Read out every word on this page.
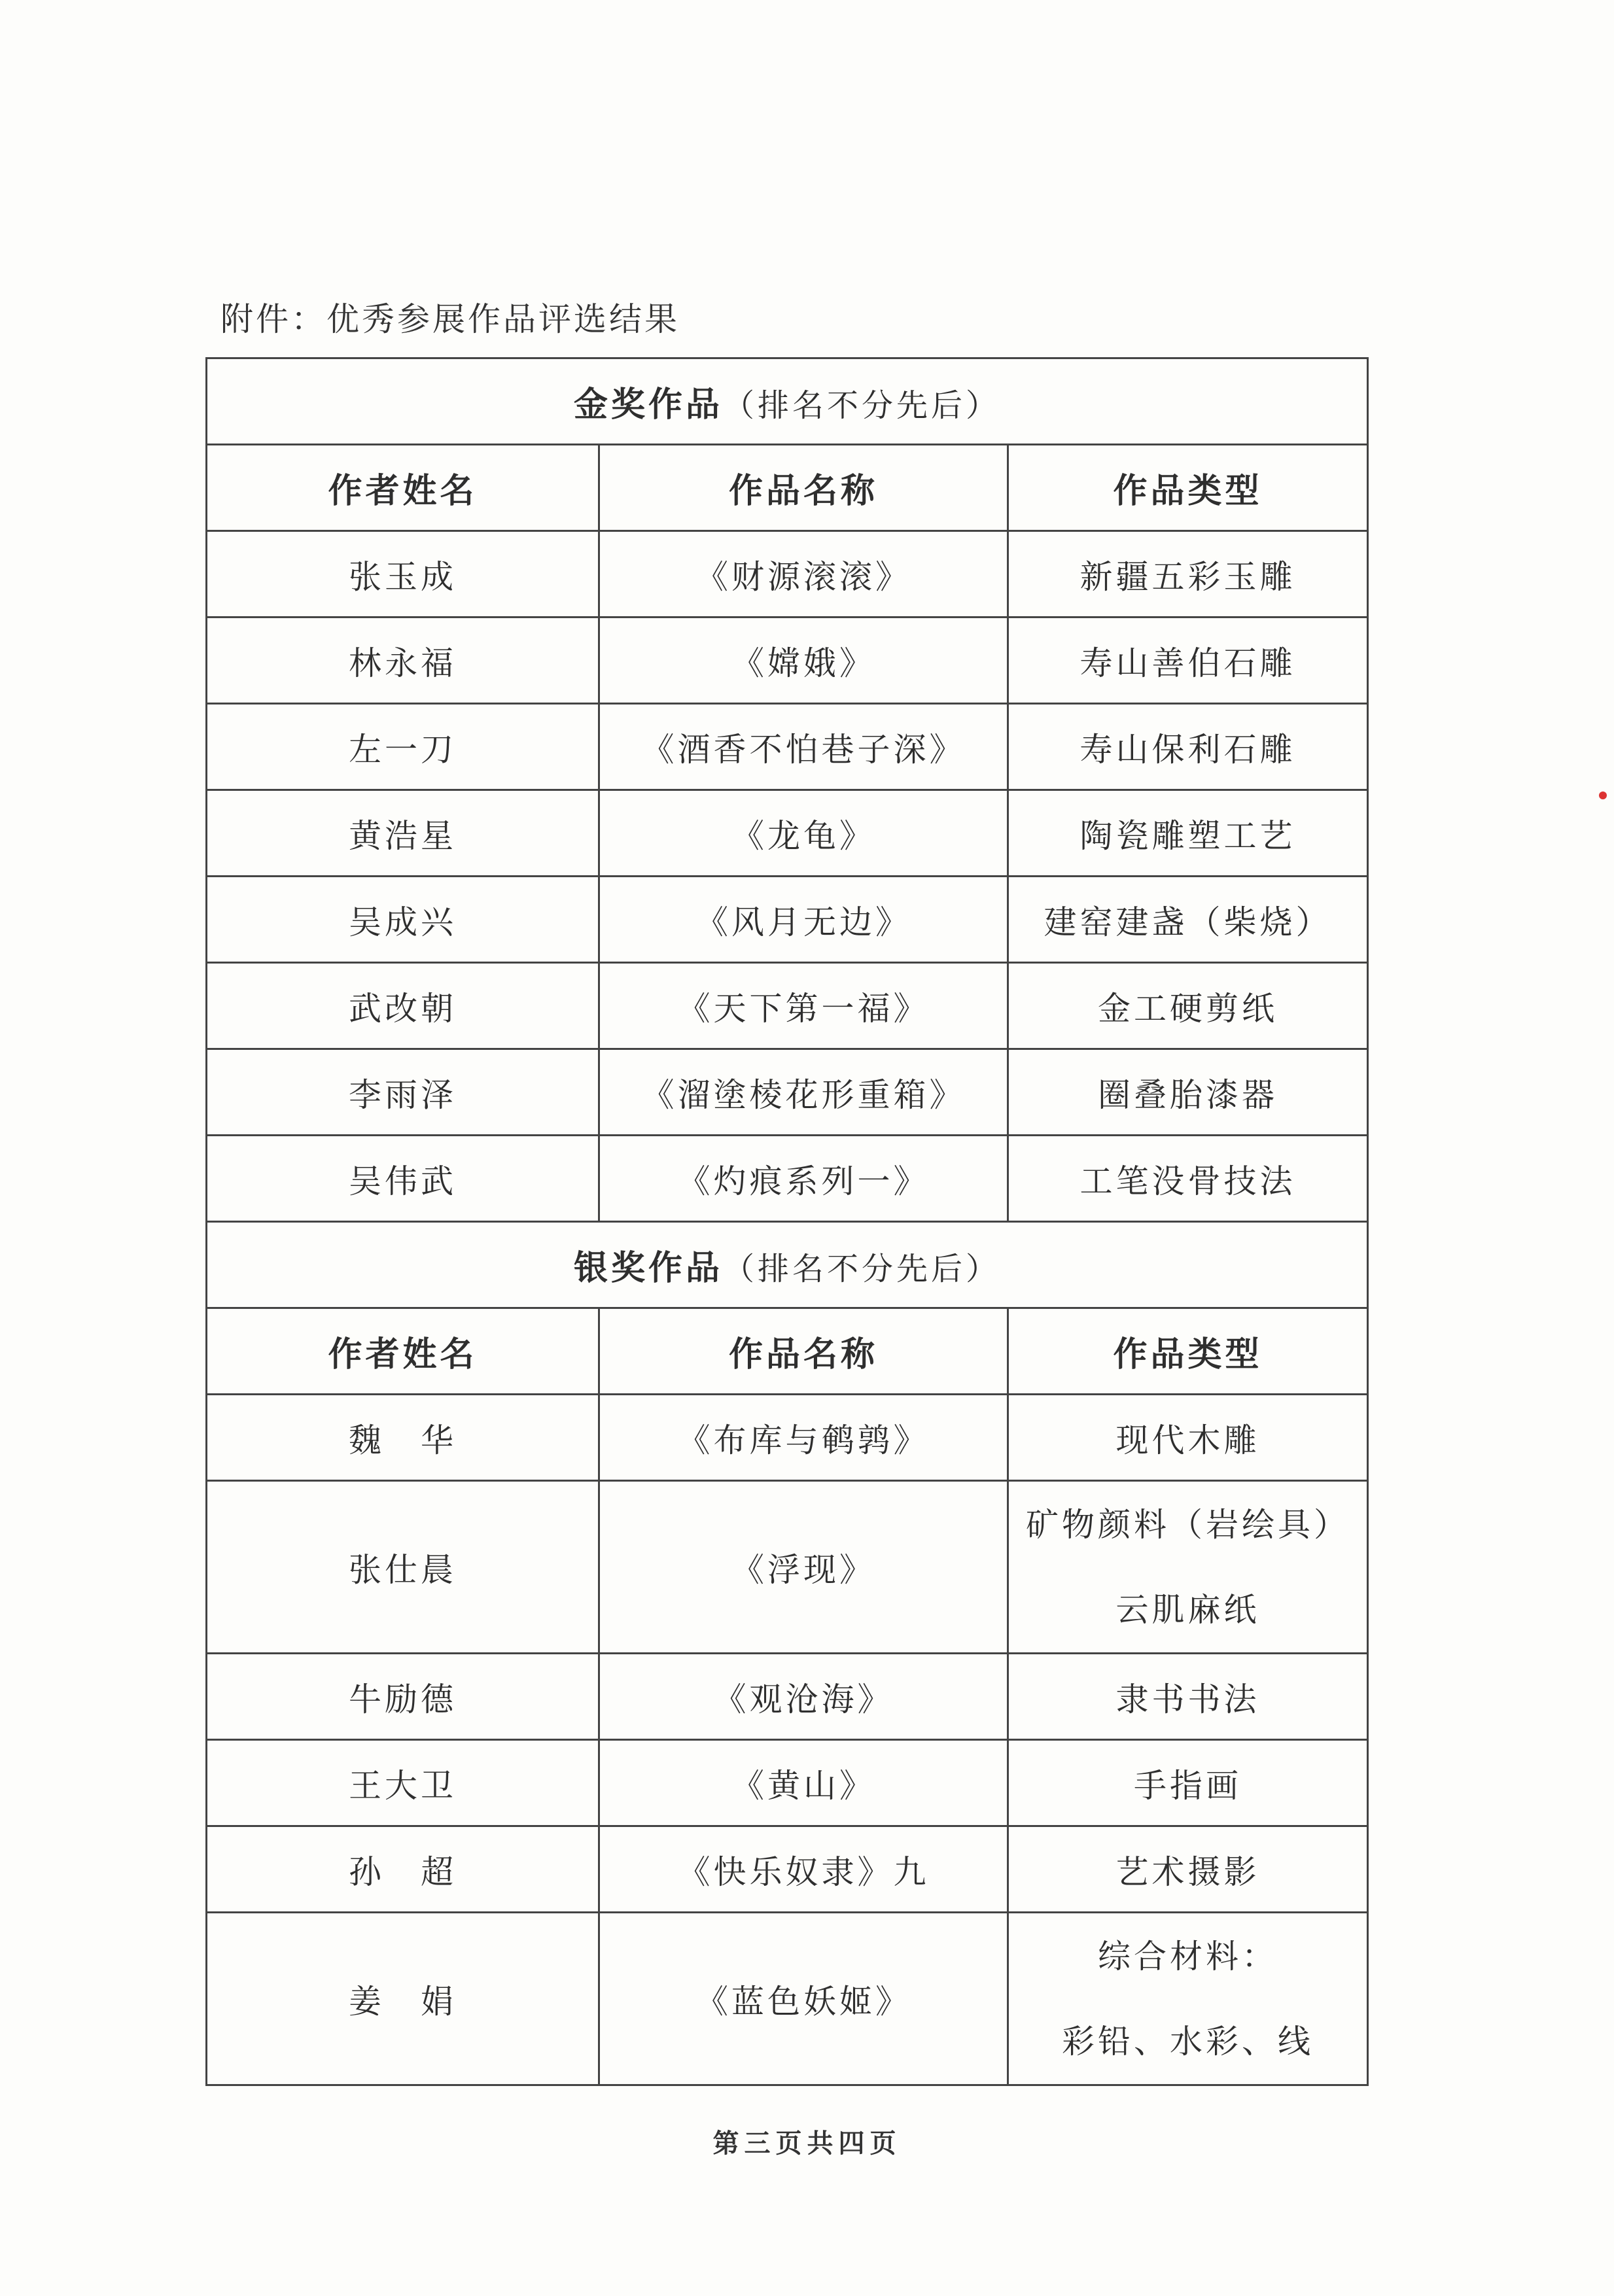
附件：优秀参展作品评选结果
金奖作品（排名不分先后）		
作者姓名	作品名称	作品类型
张玉成	《财源滚滚》	新疆五彩玉雕
林永福	《嫦娥》	寿山善伯石雕
左一刀	《酒香不怕巷子深》	寿山保利石雕
黄浩星	《龙龟》	陶瓷雕塑工艺
吴成兴	《风月无边》	建窑建盏（柴烧）
武改朝	《天下第一福》	金工硬剪纸
李雨泽	《溜塗棱花形重箱》	圈叠胎漆器
吴伟武	《灼痕系列一》	工笔没骨技法
银奖作品（排名不分先后）		
作者姓名	作品名称	作品类型
魏　华	《布库与鹌鹑》	现代木雕
张仕晨	《浮现》	矿物颜料（岩绘具）
云肌麻纸

牛励德	《观沧海》	隶书书法
王大卫	《黄山》	手指画
孙　超	《快乐奴隶》九	艺术摄影
姜　娟	《蓝色妖姬》	综合材料：
彩铅、水彩、线
第三页共四页
